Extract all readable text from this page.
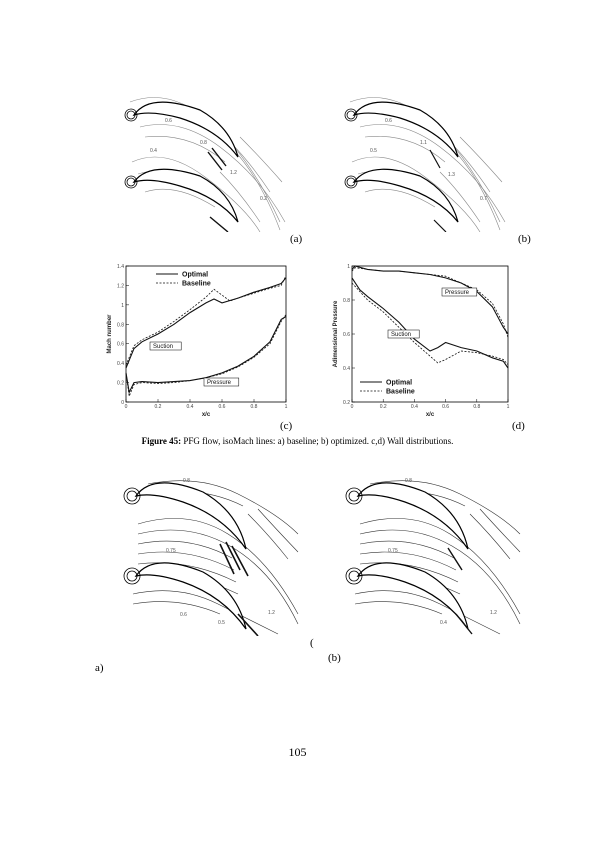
0.6
0.4
0.8
1.2
0.2
(a)
0.6
0.5
1.1
1.3
0.7
(b)
0	0.2	0.4	0.6	0.8	1
0
0.2
0.4
0.6
0.8
1
1.2
1.4
x/c
Mach number
Optimal
Baseline
Suction
Pressure
(c)
0	0.2	0.4	0.6	0.8	1
0.2
0.4
0.6
0.8
1
x/c
Adimensional Pressure
Optimal
Baseline
Pressure
Suction
(d)
Figure 45: PFG flow, isoMach lines: a) baseline; b) optimized. c,d) Wall distributions.
0.8
0.75
0.6
0.5
1.2
(
a)
0.8
0.75
0.4
1.2
(b)
105
